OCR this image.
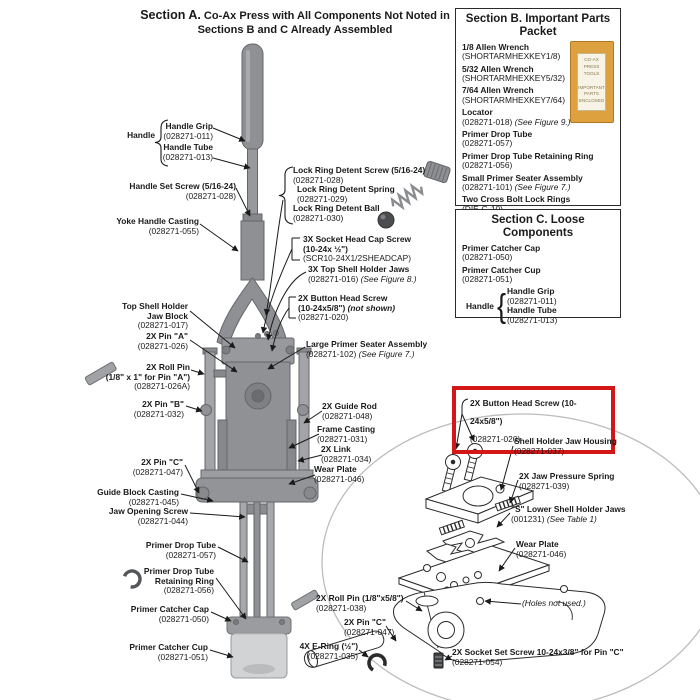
Section A. Co-Ax Press with All Components Not Noted in
Sections B and C Already Assembled
Section B. Important Parts
Packet
1/8 Allen Wrench
(SHORTARMHEXKEY1/8)
5/32 Allen Wrench
(SHORTARMHEXKEY5/32)
7/64 Allen Wrench
(SHORTARMHEXKEY7/64)
Locator
(028271-018) (See Figure 9.)
Primer Drop Tube
(028271-057)
Primer Drop Tube Retaining Ring
(028271-056)
Small Primer Seater Assembly
(028271-101) (See Figure 7.)
Two Cross Bolt Lock Rings

CO-AX
PRESS TOOLS

IMPORTANT
PARTS
ENCLOSED
Section C. Loose Components
Primer Catcher Cap
(028271-050)
Primer Catcher Cup
(028271-051)
Handle { Handle Grip
(028271-011)
Handle Tube
(028271-013)
Handle
Handle Grip
(028271-011)
Handle Tube
(028271-013)
Handle Set Screw (5/16-24)
(028271-028)
Yoke Handle Casting
(028271-055)
Top Shell Holder
Jaw Block
(028271-017)
2X Pin "A"
(028271-026)
2X Roll Pin
(1/8" x 1" for Pin "A")
(028271-026A)
2X Pin "B"
(028271-032)
2X Pin "C"
(028271-047)
Guide Block Casting
(028271-045)
Jaw Opening Screw
(028271-044)
Primer Drop Tube
(028271-057)
Primer Drop Tube
Retaining Ring
(028271-056)
Primer Catcher Cap
(028271-050)
Primer Catcher Cup
(028271-051)
Lock Ring Detent Screw (5/16-24)
(028271-028)
Lock Ring Detent Spring
(028271-029)
Lock Ring Detent Ball
(028271-030)
3X Socket Head Cap Screw
(10-24x ½")
(SCR10-24X1/2SHEADCAP)
3X Top Shell Holder Jaws
(028271-016) (See Figure 8.)
2X Button Head Screw
(10-24x5/8") (not shown)
(028271-020)
Large Primer Seater Assembly
(028271-102) (See Figure 7.)
2X Guide Rod
(028271-048)
Frame Casting
(028271-031)
2X Link
(028271-034)
Wear Plate
(028271-046)
2X Button Head Screw (10-24x5/8")
(028271-020)
Shell Holder Jaw Housing
(028271-037)
2X Jaw Pressure Spring
(028271-039)
"S" Lower Shell Holder Jaws
(001231) (See Table 1)
Wear Plate
(028271-046)
(Holes not used.)
2X Roll Pin (1/8"x5/8")
(028271-038)
2X Pin "C"
(028271-047)
4X E-Ring (½")
(028271-035)	2X Socket Set Screw 10-24x3/8" for Pin "C"
(028271-054)
